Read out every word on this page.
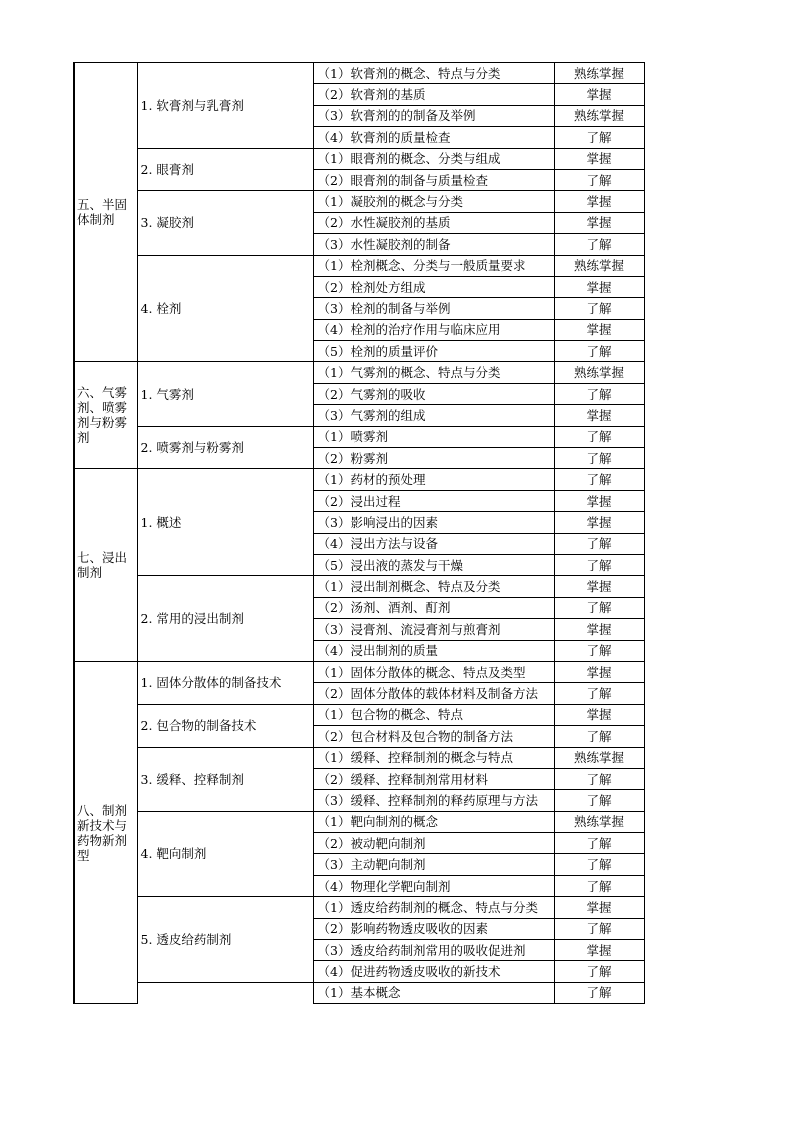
五、半固体制剂	1. 软膏剂与乳膏剂	（1）软膏剂的概念、特点与分类	熟练掌握
		（2）软膏剂的基质	掌握
		（3）软膏剂的的制备及举例	熟练掌握
		（4）软膏剂的质量检查	了解
	2. 眼膏剂	（1）眼膏剂的概念、分类与组成	掌握
		（2）眼膏剂的制备与质量检查	了解
	3. 凝胶剂	（1）凝胶剂的概念与分类	掌握
		（2）水性凝胶剂的基质	掌握
		（3）水性凝胶剂的制备	了解
	4. 栓剂	（1）栓剂概念、分类与一般质量要求	熟练掌握
		（2）栓剂处方组成	掌握
		（3）栓剂的制备与举例	了解
		（4）栓剂的治疗作用与临床应用	掌握
		（5）栓剂的质量评价	了解
六、气雾剂、喷雾剂与粉雾剂	1. 气雾剂	（1）气雾剂的概念、特点与分类	熟练掌握
		（2）气雾剂的吸收	了解
		（3）气雾剂的组成	掌握
	2. 喷雾剂与粉雾剂	（1）喷雾剂	了解
		（2）粉雾剂	了解
七、浸出制剂	1. 概述	（1）药材的预处理	了解
		（2）浸出过程	掌握
		（3）影响浸出的因素	掌握
		（4）浸出方法与设备	了解
		（5）浸出液的蒸发与干燥	了解
	2. 常用的浸出制剂	（1）浸出制剂概念、特点及分类	掌握
		（2）汤剂、酒剂、酊剂	了解
		（3）浸膏剂、流浸膏剂与煎膏剂	掌握
		（4）浸出制剂的质量	了解
八、制剂新技术与药物新剂型	1. 固体分散体的制备技术	（1）固体分散体的概念、特点及类型	掌握
		（2）固体分散体的载体材料及制备方法	了解
	2. 包合物的制备技术	（1）包合物的概念、特点	掌握
		（2）包合材料及包合物的制备方法	了解
	3. 缓释、控释制剂	（1）缓释、控释制剂的概念与特点	熟练掌握
		（2）缓释、控释制剂常用材料	了解
		（3）缓释、控释制剂的释药原理与方法	了解
	4. 靶向制剂	（1）靶向制剂的概念	熟练掌握
		（2）被动靶向制剂	了解
		（3）主动靶向制剂	了解
		（4）物理化学靶向制剂	了解
	5. 透皮给药制剂	（1）透皮给药制剂的概念、特点与分类	掌握
		（2）影响药物透皮吸收的因素	了解
		（3）透皮给药制剂常用的吸收促进剂	掌握
		（4）促进药物透皮吸收的新技术	了解
		（1）基本概念	了解
